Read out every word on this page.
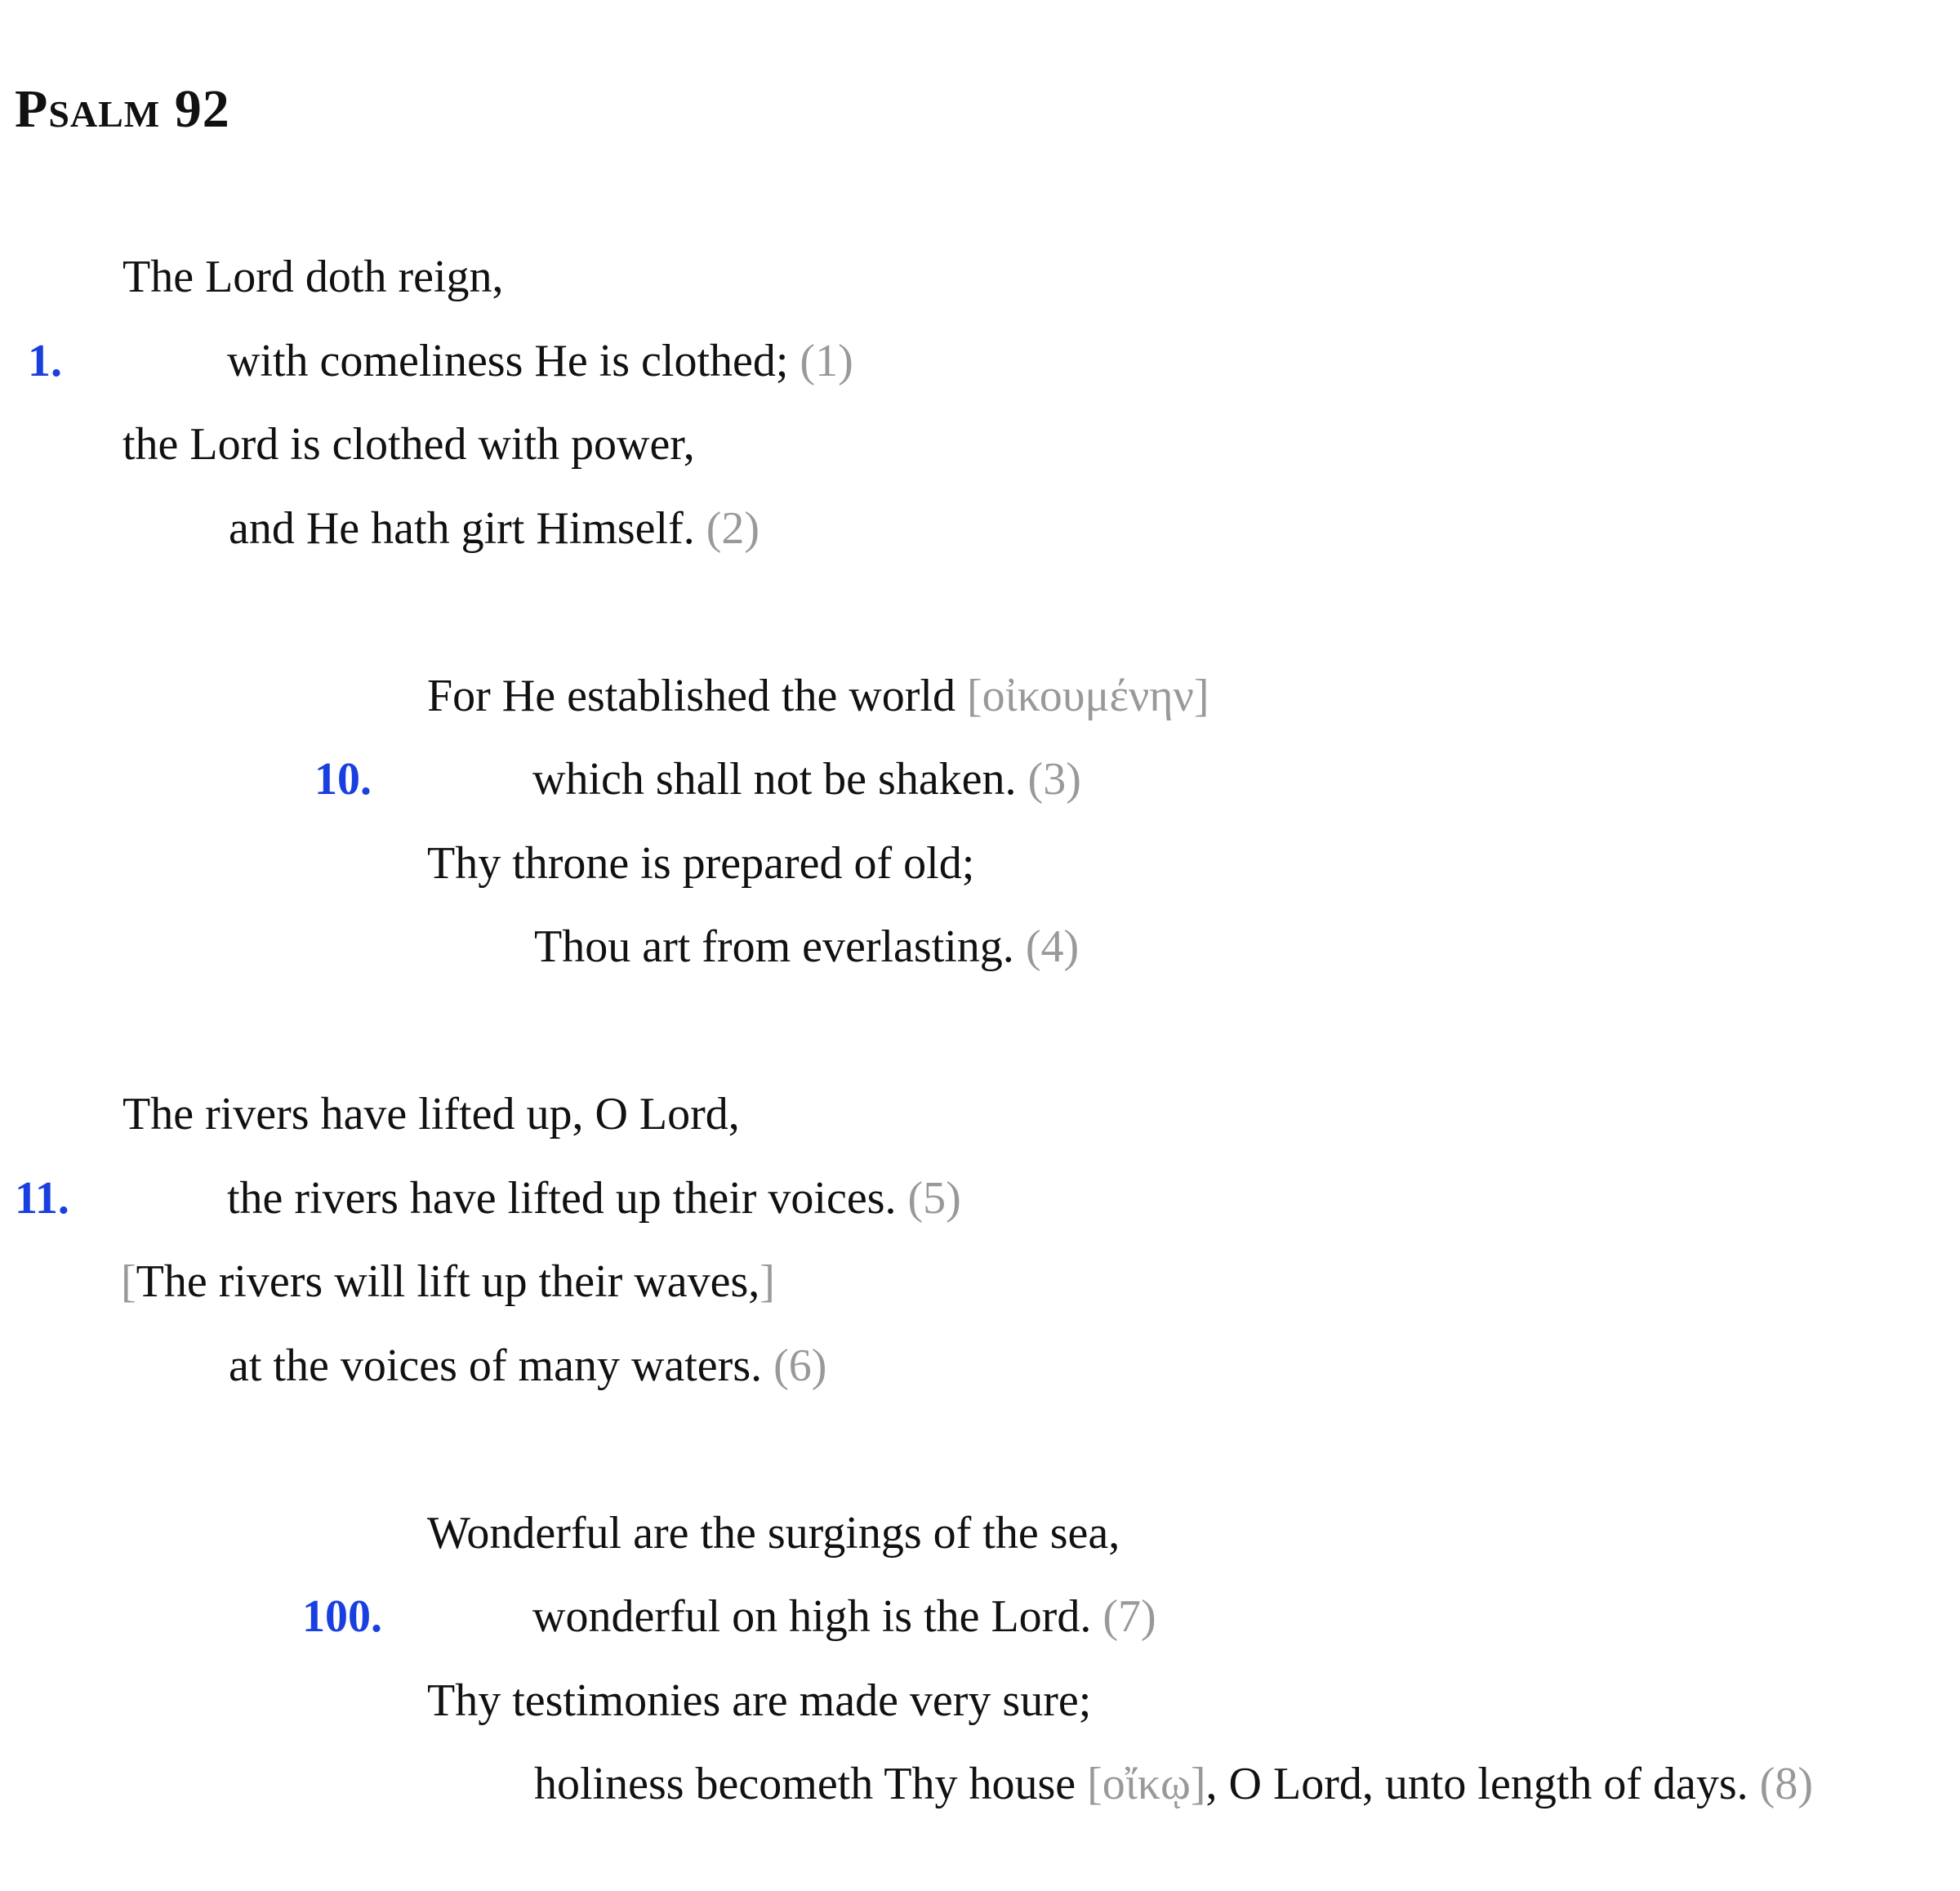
Psalm 92
The Lord doth reign,
1.	with comeliness He is clothed; (1)
the Lord is clothed with power,
and He hath girt Himself. (2)
For He established the world [οἰκουμένην]
10.	which shall not be shaken. (3)
Thy throne is prepared of old;
Thou art from everlasting. (4)
The rivers have lifted up, O Lord,
11.	the rivers have lifted up their voices. (5)
[The rivers will lift up their waves,]
at the voices of many waters. (6)
Wonderful are the surgings of the sea,
100.	wonderful on high is the Lord. (7)
Thy testimonies are made very sure;
holiness becometh Thy house [οἴκῳ], O Lord, unto length of days. (8)
